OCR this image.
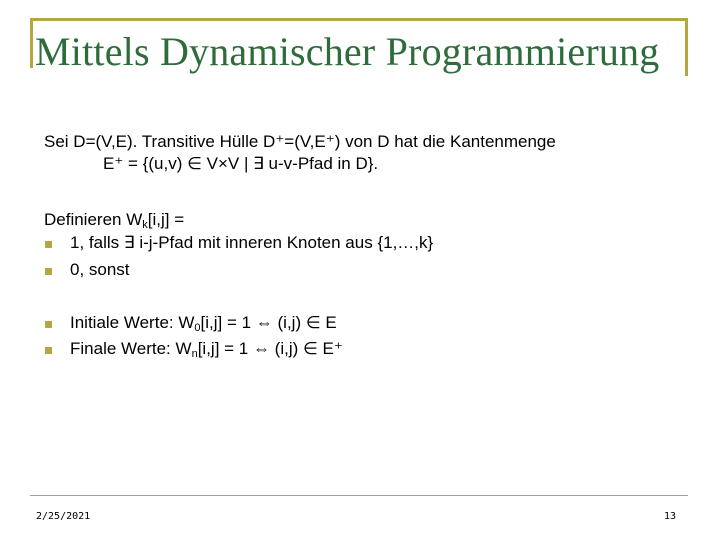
Mittels Dynamischer Programmierung
Sei D=(V,E). Transitive Hülle D⁺=(V,E⁺) von D hat die Kantenmenge
E⁺ = {(u,v) ∈ V×V | ∃ u-v-Pfad in D}.
Definieren $W_k[i,j]$ =
1, falls ∃ i-j-Pfad mit inneren Knoten aus {1,…,k}
0, sonst
Initiale Werte: $W_0[i,j] = 1$ ⇔ (i,j) ∈ E
Finale Werte: $W_n[i,j] = 1$ ⇔ (i,j) ∈ E⁺
2/25/2021	13
